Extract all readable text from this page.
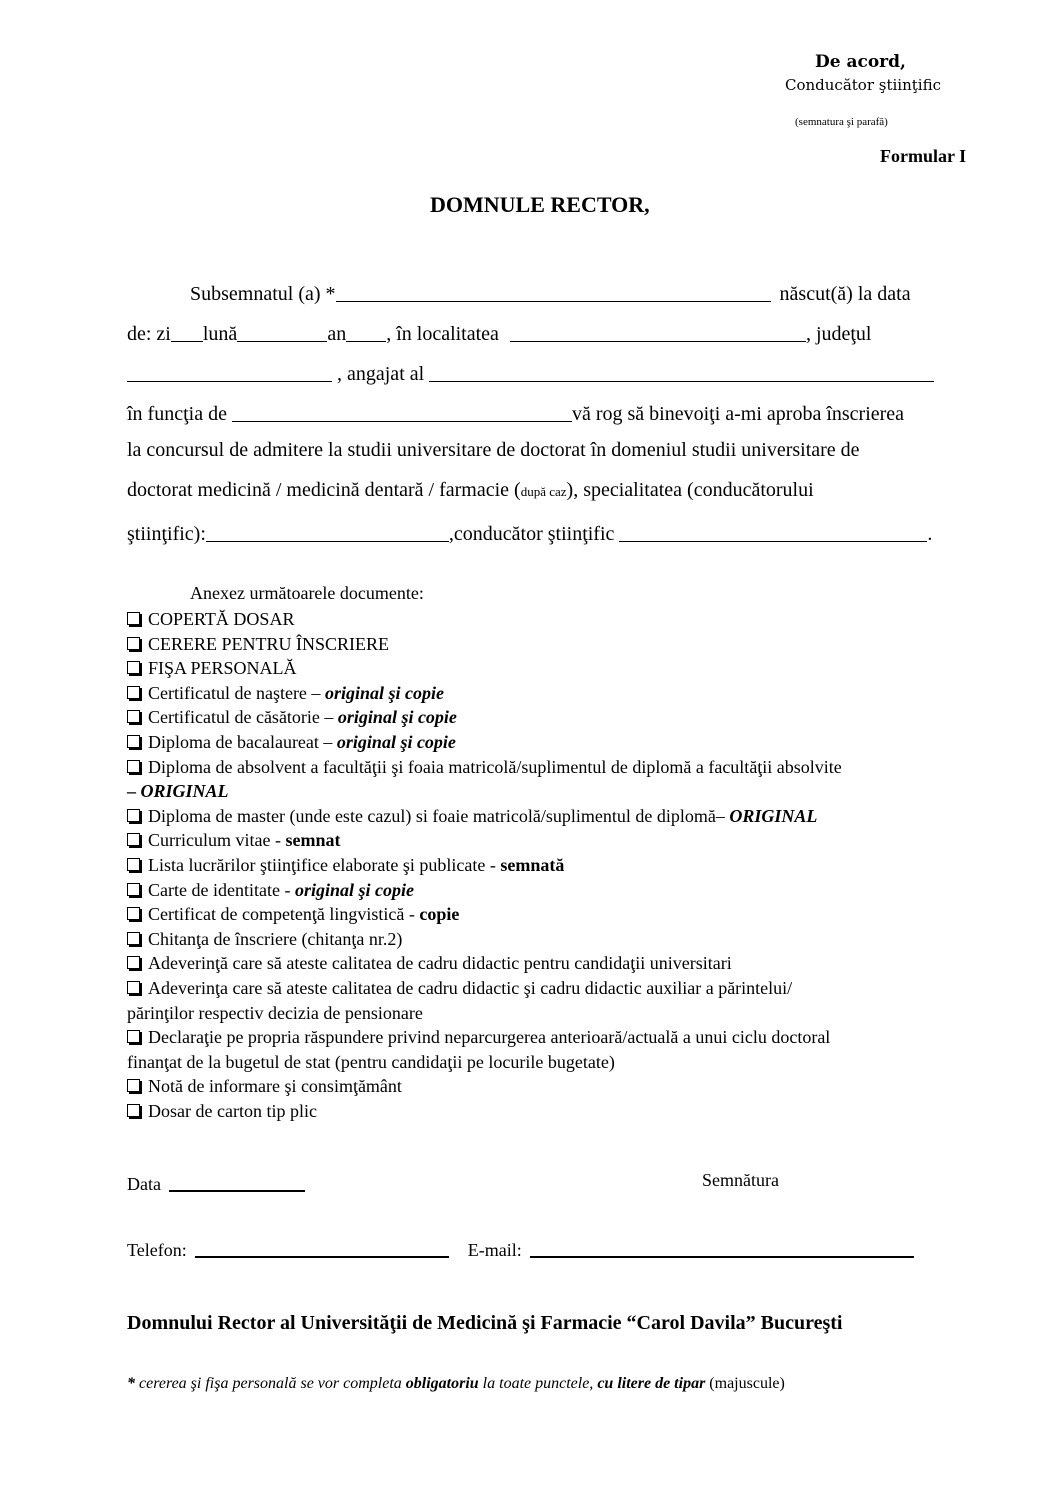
De acord,
Conducător ştiinţific
(semnatura şi parafă)
Formular I
DOMNULE RECTOR,
Subsemnatul (a) *	născut(ă) la data
de: zi lună	an , în localitatea	, judeţul
, angajat al
în funcţia de	vă rog să binevoiţi a-mi aproba înscrierea
la concursul de admitere la studii universitare de doctorat în domeniul studii universitare de
doctorat medicină / medicină dentară / farmacie (după caz), specialitatea (conducătorului
ştiinţific):	,conducător ştiinţific	.
Anexez următoarele documente:
COPERTĂ DOSAR
CERERE PENTRU ÎNSCRIERE
FIŞA PERSONALĂ
Certificatul de naştere – original şi copie
Certificatul de căsătorie – original şi copie
Diploma de bacalaureat – original şi copie
Diploma de absolvent a facultăţii şi foaia matricolă/suplimentul de diplomă a facultăţii absolvite
– ORIGINAL
Diploma de master (unde este cazul) si foaie matricolă/suplimentul de diplomă– ORIGINAL
Curriculum vitae - semnat
Lista lucrărilor ştiinţifice elaborate şi publicate - semnată
Carte de identitate - original şi copie
Certificat de competenţă lingvistică - copie
Chitanţa de înscriere (chitanţa nr.2)
Adeverinţă care să ateste calitatea de cadru didactic pentru candidaţii universitari
Adeverinţa care să ateste calitatea de cadru didactic şi cadru didactic auxiliar a părintelui/
părinţilor respectiv decizia de pensionare
Declaraţie pe propria răspundere privind neparcurgerea anterioară/actuală a unui ciclu doctoral
finanţat de la bugetul de stat (pentru candidaţii pe locurile bugetate)
Notă de informare şi consimţământ
Dosar de carton tip plic
Data	Semnătura
Telefon:	E-mail:
Domnului Rector al Universităţii de Medicină şi Farmacie “Carol Davila” Bucureşti
* cererea şi fişa personală se vor completa obligatoriu la toate punctele, cu litere de tipar (majuscule)
